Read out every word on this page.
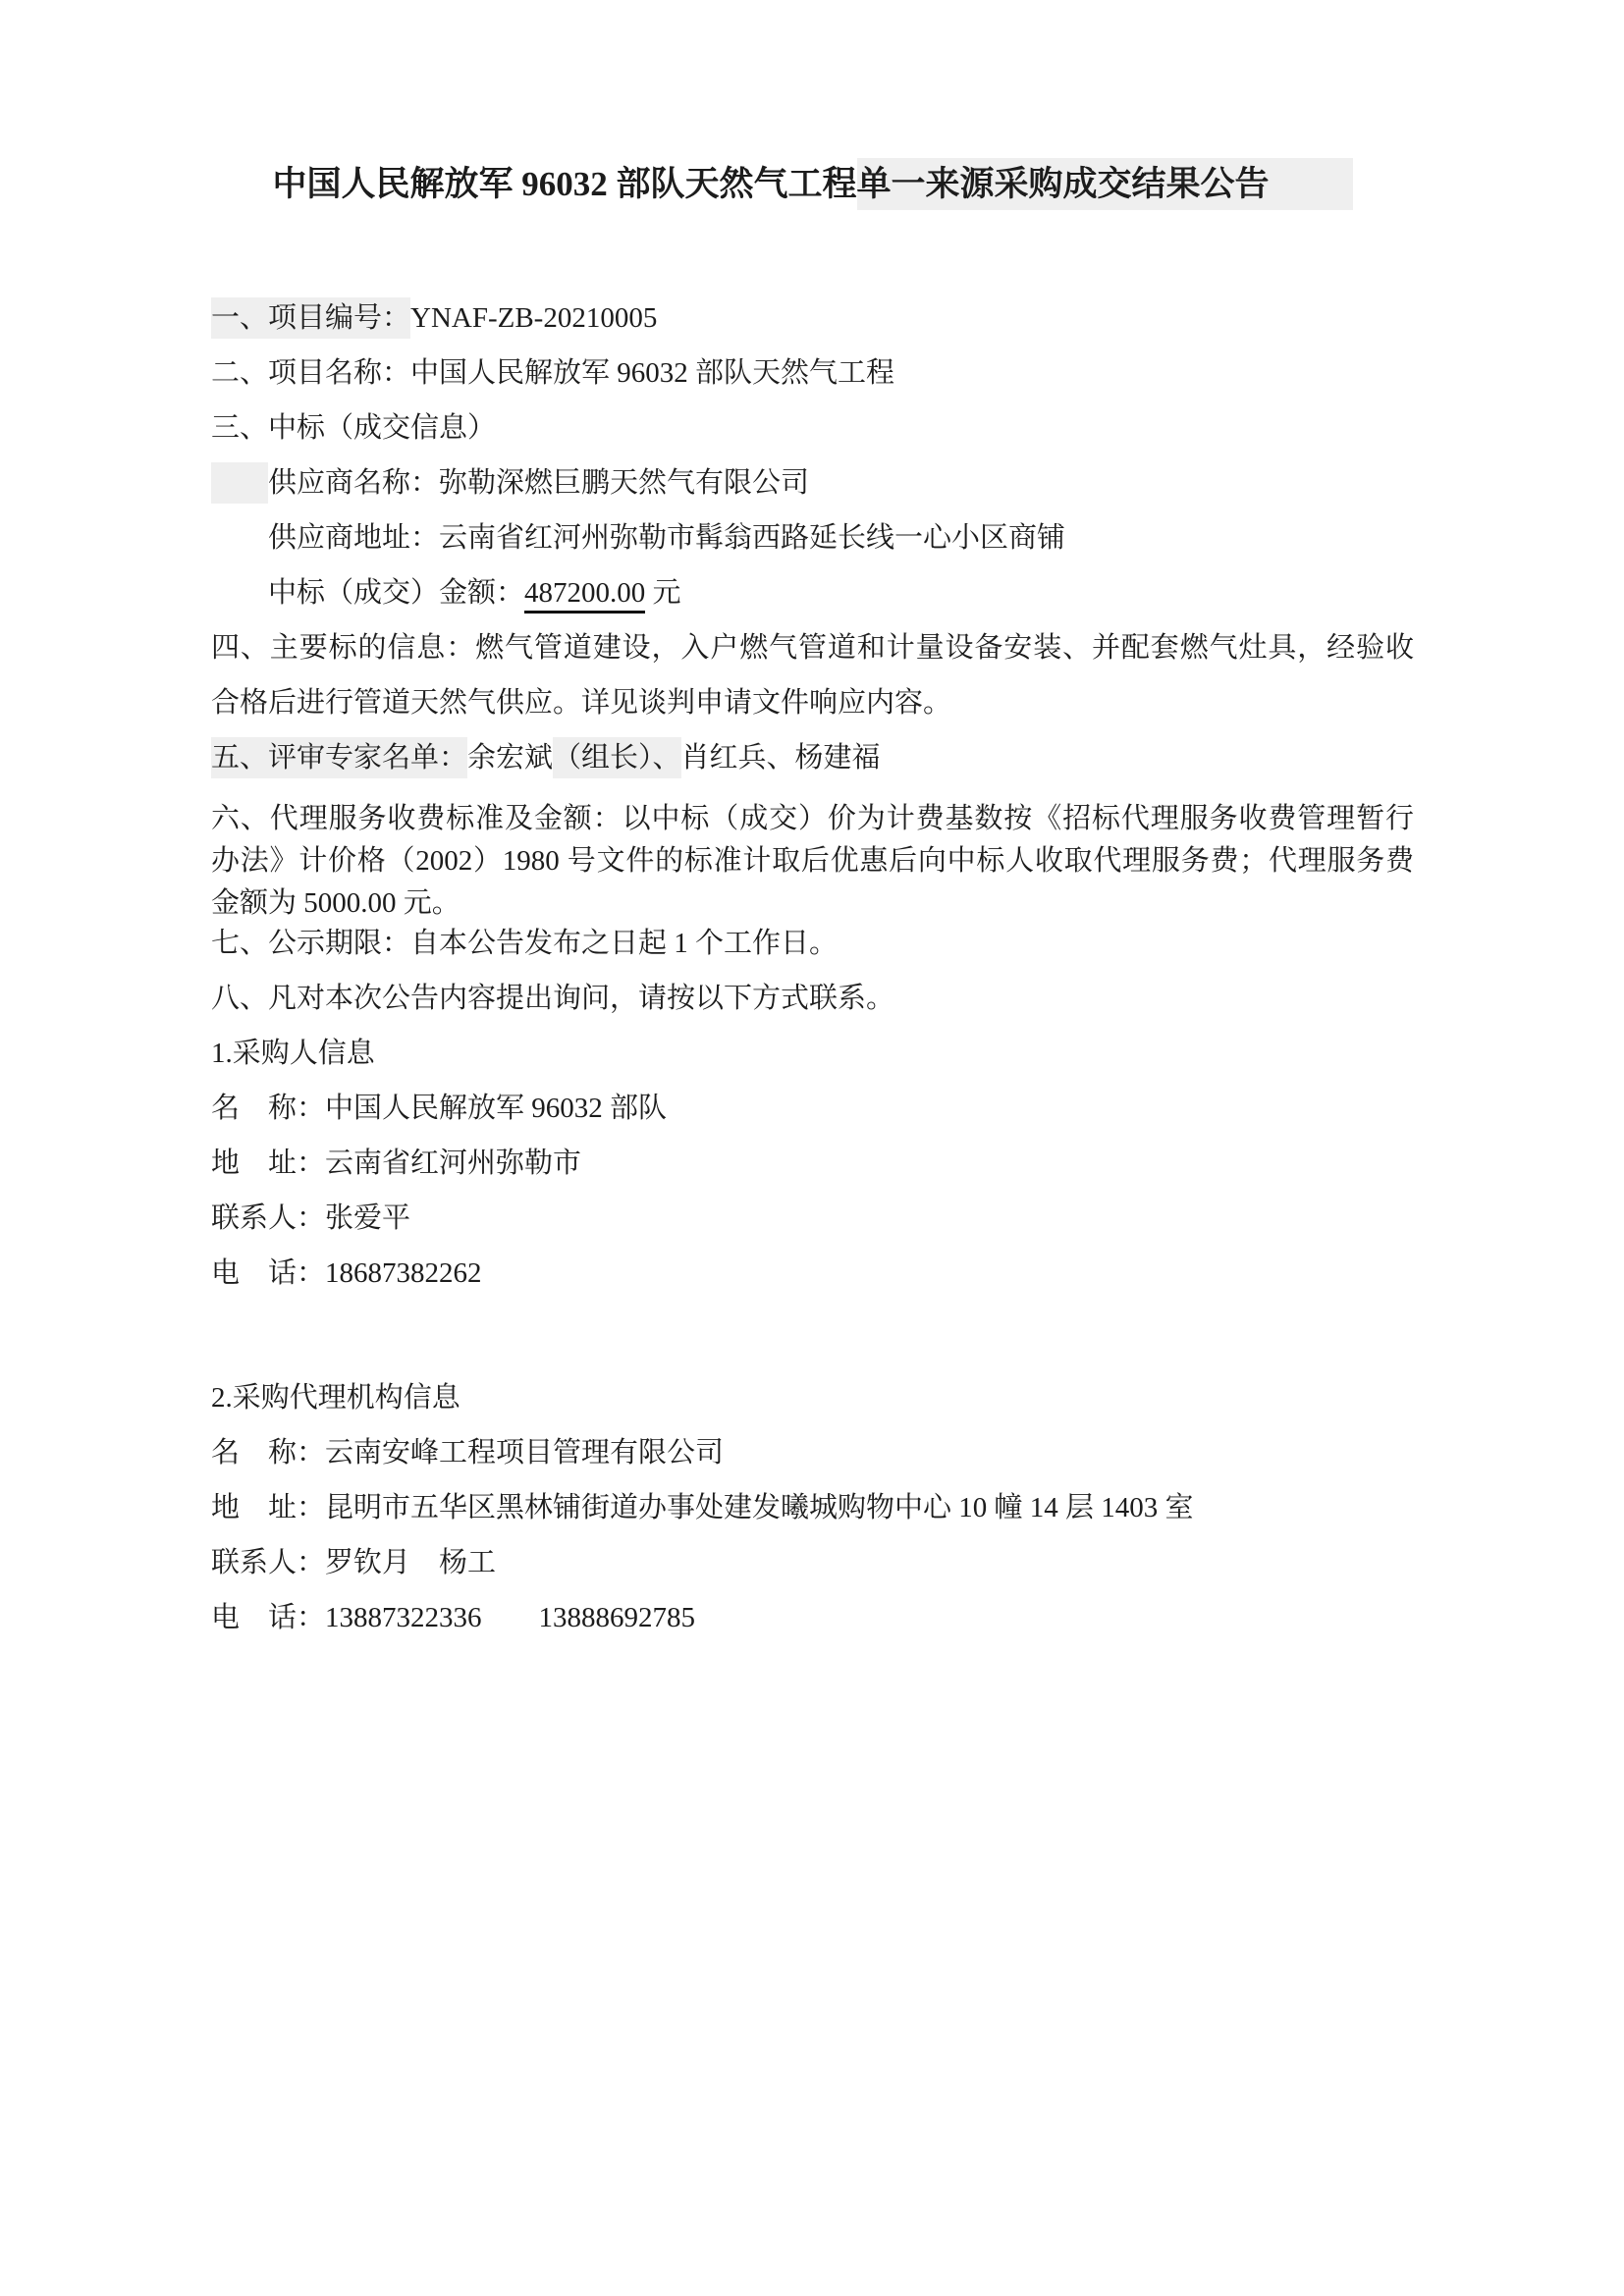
中国人民解放军 96032 部队天然气工程单一来源采购成交结果公告
一、项目编号：YNAF-ZB-20210005
二、项目名称：中国人民解放军 96032 部队天然气工程
三、中标（成交信息）
　　供应商名称：弥勒深燃巨鹏天然气有限公司
　　供应商地址：云南省红河州弥勒市髯翁西路延长线一心小区商铺
　　中标（成交）金额：487200.00 元
四、主要标的信息：燃气管道建设，入户燃气管道和计量设备安装、并配套燃气灶具，经验收
合格后进行管道天然气供应。详见谈判申请文件响应内容。
五、评审专家名单：余宏斌（组长）、肖红兵、杨建福
六、代理服务收费标准及金额：以中标（成交）价为计费基数按《招标代理服务收费管理暂行
办法》计价格（2002）1980 号文件的标准计取后优惠后向中标人收取代理服务费；代理服务费
金额为 5000.00 元。
七、公示期限：自本公告发布之日起 1 个工作日。
八、凡对本次公告内容提出询问，请按以下方式联系。
1.采购人信息
名　称：中国人民解放军 96032 部队
地　址：云南省红河州弥勒市
联系人：张爱平
电　话：18687382262
2.采购代理机构信息
名　称：云南安峰工程项目管理有限公司
地　址：昆明市五华区黑林铺街道办事处建发曦城购物中心 10 幢 14 层 1403 室
联系人：罗钦月　杨工
电　话：13887322336　　13888692785
